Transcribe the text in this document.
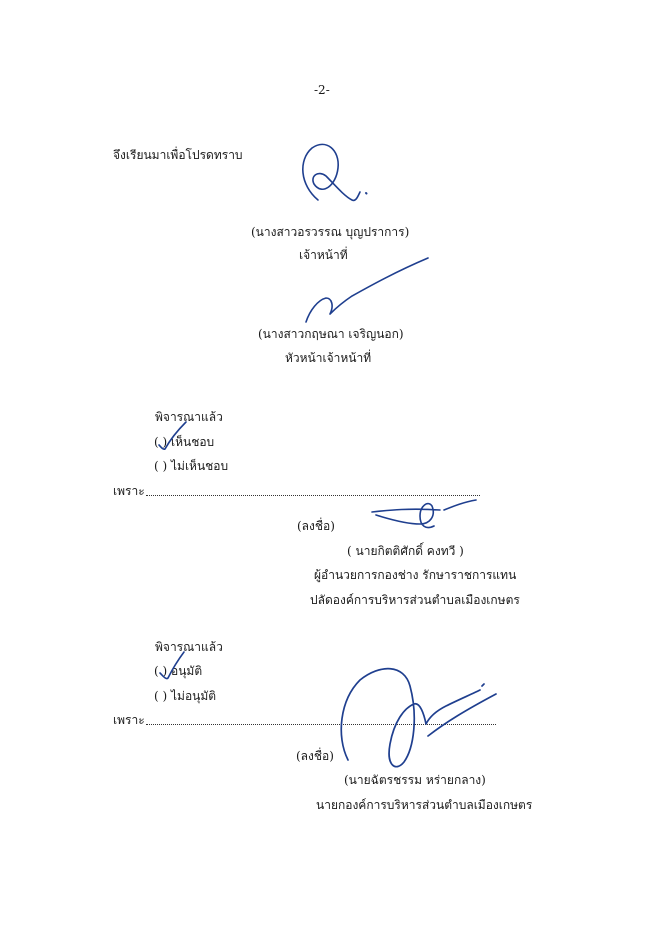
-2-
จึงเรียนมาเพื่อโปรดทราบ
(นางสาวอรวรรณ บุญปราการ)
เจ้าหน้าที่
(นางสาวกฤษณา เจริญนอก)
หัวหน้าเจ้าหน้าที่
พิจารณาแล้ว
( ) เห็นชอบ
( ) ไม่เห็นชอบ
เพราะ
(ลงชื่อ)
( นายกิตติศักดิ์ คงทวี )
ผู้อำนวยการกองช่าง รักษาราชการแทน
ปลัดองค์การบริหารส่วนตำบลเมืองเกษตร
พิจารณาแล้ว
( ) อนุมัติ
( ) ไม่อนุมัติ
เพราะ
(ลงชื่อ)
(นายฉัตรชรรม หร่ายกลาง)
นายกองค์การบริหารส่วนตำบลเมืองเกษตร
